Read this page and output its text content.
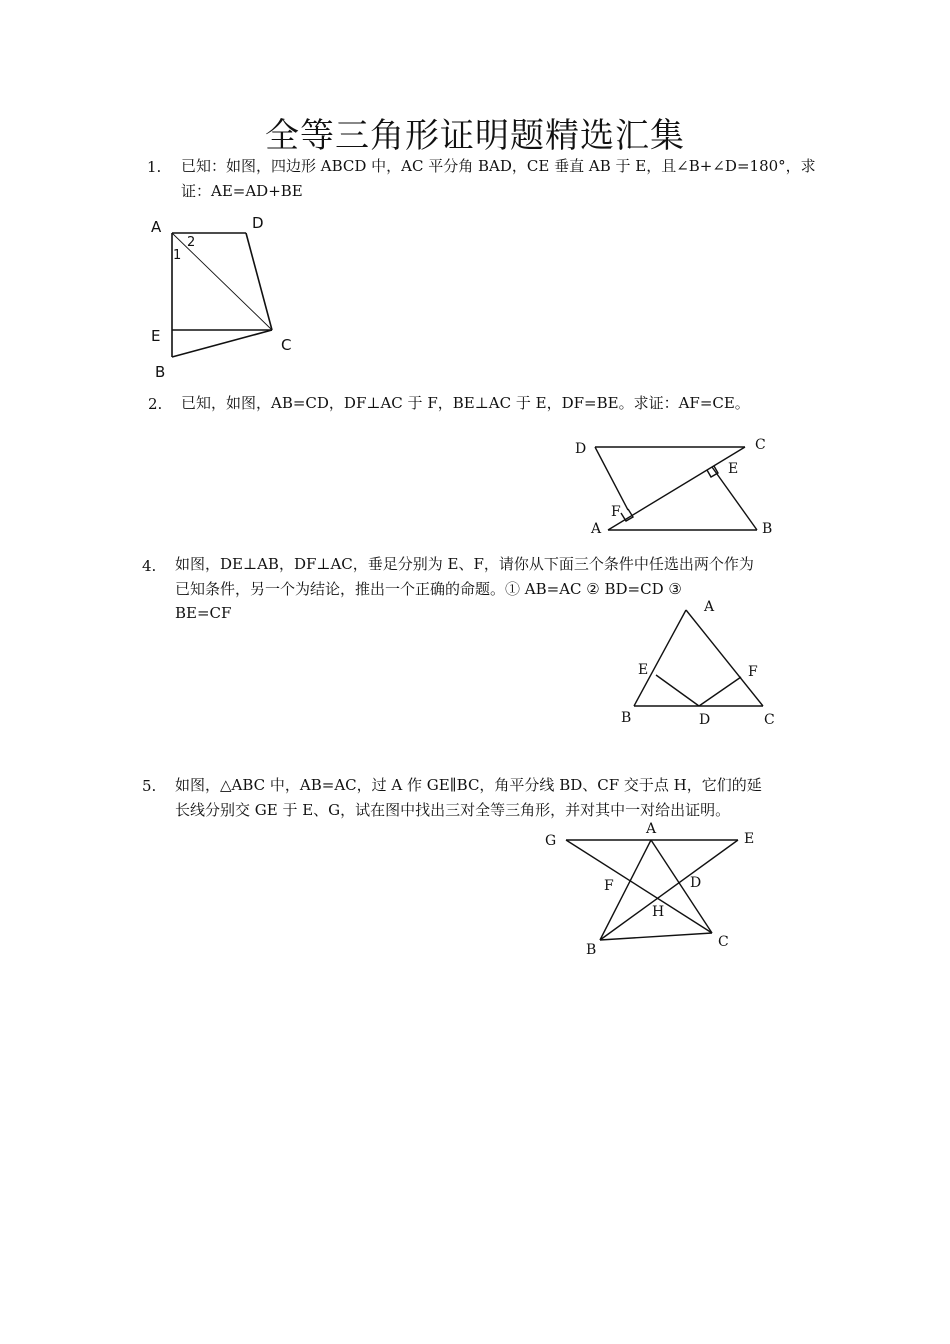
全等三角形证明题精选汇集
1. 已知：如图，四边形 ABCD 中，AC 平分角 BAD，CE 垂直 AB 于 E，且∠B+∠D=180°，求
证：AE=AD+BE
A	D
2
1
E	C
B
2. 已知，如图，AB=CD，DF⊥AC 于 F，BE⊥AC 于 E，DF=BE。求证：AF=CE。
D	C
E
F
A	B
4. 如图，DE⊥AB，DF⊥AC，垂足分别为 E、F，请你从下面三个条件中任选出两个作为
已知条件，另一个为结论，推出一个正确的命题。① AB=AC ② BD=CD ③
BE=CF	A
E	F
B	D	C
5. 如图，△ABC 中，AB=AC，过 A 作 GE∥BC，角平分线 BD、CF 交于点 H，它们的延
长线分别交 GE 于 E、G，试在图中找出三对全等三角形，并对其中一对给出证明。
A
G	E
F	D
H
B	C
